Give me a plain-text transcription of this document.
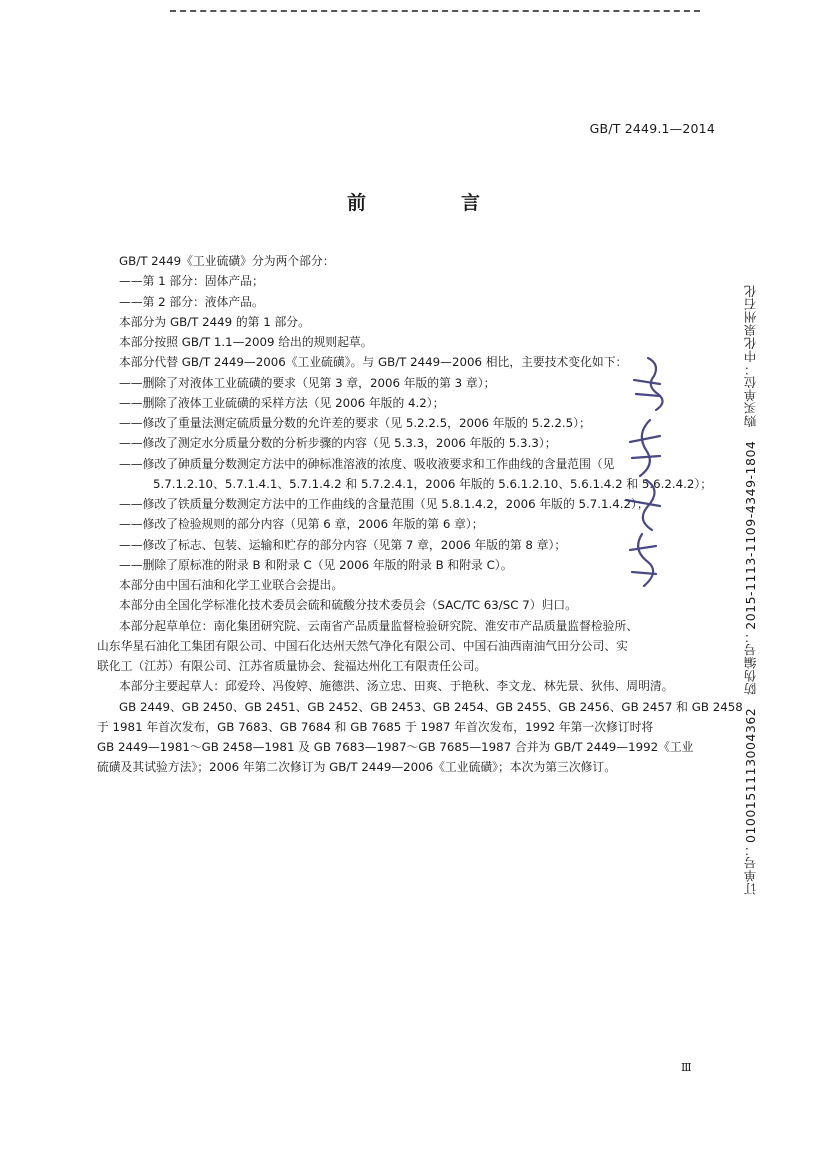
GB/T 2449.1—2014
前　言
GB/T 2449《工业硫磺》分为两个部分：
——第 1 部分：固体产品；
——第 2 部分：液体产品。
本部分为 GB/T 2449 的第 1 部分。
本部分按照 GB/T 1.1—2009 给出的规则起草。
本部分代替 GB/T 2449—2006《工业硫磺》。与 GB/T 2449—2006 相比，主要技术变化如下：
——删除了对液体工业硫磺的要求（见第 3 章，2006 年版的第 3 章）；
——删除了液体工业硫磺的采样方法（见 2006 年版的 4.2）；
——修改了重量法测定硫质量分数的允许差的要求（见 5.2.2.5，2006 年版的 5.2.2.5）；
——修改了测定水分质量分数的分析步骤的内容（见 5.3.3，2006 年版的 5.3.3）；
——修改了砷质量分数测定方法中的砷标准溶液的浓度、吸收液要求和工作曲线的含量范围（见
5.7.1.2.10、5.7.1.4.1、5.7.1.4.2 和 5.7.2.4.1，2006 年版的 5.6.1.2.10、5.6.1.4.2 和 5.6.2.4.2）；
——修改了铁质量分数测定方法中的工作曲线的含量范围（见 5.8.1.4.2，2006 年版的 5.7.1.4.2）；
——修改了检验规则的部分内容（见第 6 章，2006 年版的第 6 章）；
——修改了标志、包装、运输和贮存的部分内容（见第 7 章，2006 年版的第 8 章）；
——删除了原标准的附录 B 和附录 C（见 2006 年版的附录 B 和附录 C）。
本部分由中国石油和化学工业联合会提出。
本部分由全国化学标准化技术委员会硫和硫酸分技术委员会（SAC/TC 63/SC 7）归口。
本部分起草单位：南化集团研究院、云南省产品质量监督检验研究院、淮安市产品质量监督检验所、
山东华星石油化工集团有限公司、中国石化达州天然气净化有限公司、中国石油西南油气田分公司、实
联化工（江苏）有限公司、江苏省质量协会、瓮福达州化工有限责任公司。
本部分主要起草人：邱爱玲、冯俊婷、施德洪、汤立忠、田爽、于艳秋、李文龙、林先景、狄伟、周明清。
GB 2449、GB 2450、GB 2451、GB 2452、GB 2453、GB 2454、GB 2455、GB 2456、GB 2457 和 GB 2458
于 1981 年首次发布，GB 7683、GB 7684 和 GB 7685 于 1987 年首次发布，1992 年第一次修订时将
GB 2449—1981～GB 2458—1981 及 GB 7683—1987～GB 7685—1987 合并为 GB/T 2449—1992《工业
硫磺及其试验方法》；2006 年第二次修订为 GB/T 2449—2006《工业硫磺》；本次为第三次修订。
Ⅲ
订单号：0100151113004362　防伪编号：2015-1113-1109-4349-1804　购买单位：中化泉州石化
